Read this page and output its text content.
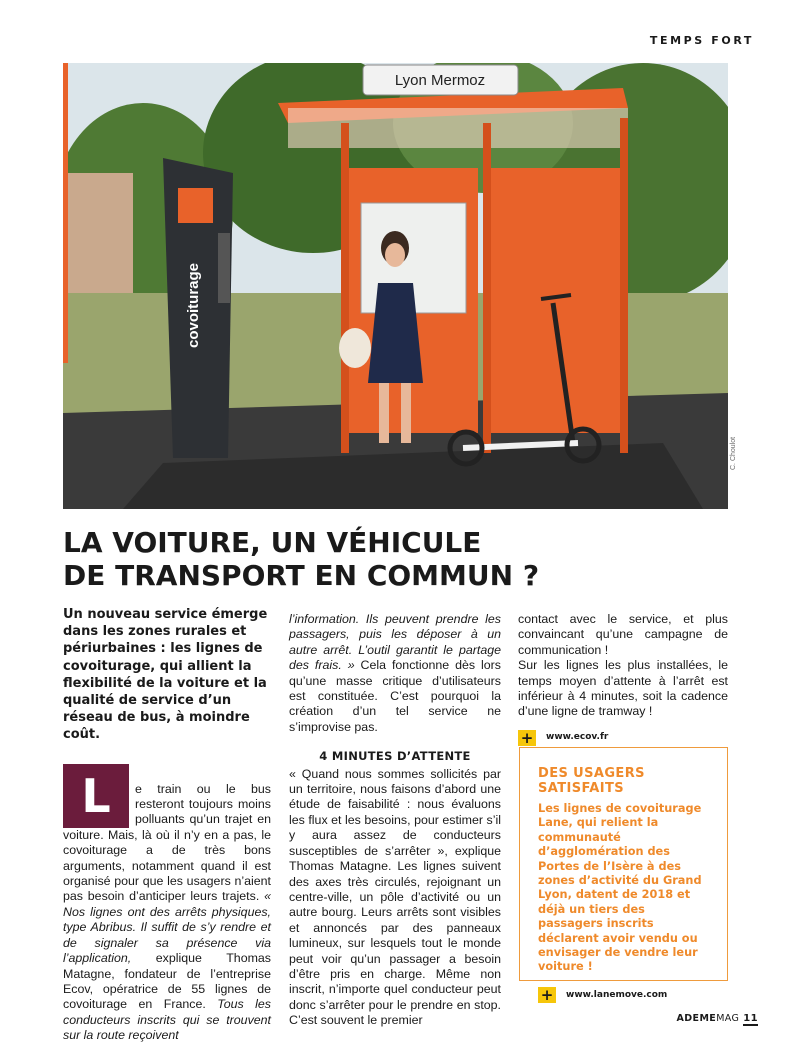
TEMPS FORT
Lyon Mermoz
covoiturage
C. Choulot
LA VOITURE, UN VÉHICULE
DE TRANSPORT EN COMMUN ?
Un nouveau service émerge dans les zones rurales et périurbaines : les lignes de covoiturage, qui allient la flexibilité de la voiture et la qualité de service d’un réseau de bus, à moindre coût.
L	e train ou le bus resteront toujours moins polluants qu’un trajet en voiture. Mais, là où il n’y en a pas, le covoiturage a de très bons arguments, notamment quand il est organisé pour que les usagers n’aient pas besoin d’anticiper leurs trajets. « Nos lignes ont des arrêts physiques, type Abribus. Il suffit de s’y rendre et de signaler sa présence via l’application, explique Thomas Matagne, fondateur de l’entreprise Ecov, opératrice de 55 lignes de covoiturage en France. Tous les conducteurs inscrits qui se trouvent sur la route reçoivent

l’information. Ils peuvent prendre les passagers, puis les déposer à un autre arrêt. L’outil garantit le partage des frais. » Cela fonctionne dès lors qu’une masse critique d’utilisateurs est constituée. C’est pourquoi la création d’un tel service ne s’improvise pas.

4 MINUTES D’ATTENTE

« Quand nous sommes sollicités par un territoire, nous faisons d’abord une étude de faisabilité : nous évaluons les flux et les besoins, pour estimer s’il y aura assez de conducteurs susceptibles de s’arrêter », explique Thomas Matagne. Les lignes suivent des axes très circulés, rejoignant un centre-ville, un pôle d’activité ou un autre bourg. Leurs arrêts sont visibles et annoncés par des panneaux lumineux, sur lesquels tout le monde peut voir qu’un passager a besoin d’être pris en charge. Même non inscrit, n’importe quel conducteur peut donc s’arrêter pour le prendre en stop. C’est souvent le premier

contact avec le service, et plus convaincant qu’une campagne de communication !

Sur les lignes les plus installées, le temps moyen d’attente à l’arrêt est inférieur à 4 minutes, soit la cadence d’une ligne de tramway !

+	www.ecov.fr
DES USAGERS SATISFAITS
Les lignes de covoiturage Lane, qui relient la communauté d’agglomération des Portes de l’Isère à des zones d’activité du Grand Lyon, datent de 2018 et déjà un tiers des passagers inscrits déclarent avoir vendu ou envisager de vendre leur voiture !
+	www.lanemove.com
ADEMEMAG 11
